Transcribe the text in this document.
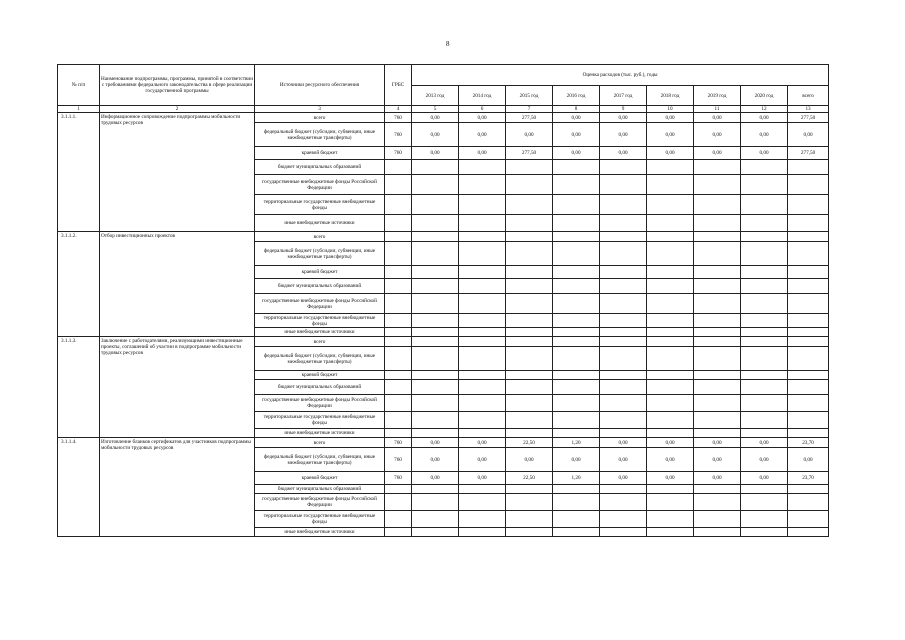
8
№ п/п	Наименование подпрограммы, программы, принятой в соответствии с требованиями федерального законодательства в сфере реализации государственной программы	Источники ресурсного обеспечения	ГРБС	Оценка расходов (тыс. руб.), годы								
				2013 год	2014 год	2015 год	2016 год	2017 год	2018 год	2019 год	2020 год	всего
1	2	3	4	5	6	7	8	9	10	11	12	13
3.1.1.1.	Информационное сопровождение подпрограммы мобильности трудовых ресурсов	всего	760	0,00	0,00	277,50	0,00	0,00	0,00	0,00	0,00	277,50
		федеральный бюджет (субсидии, субвенции, иные межбюджетные трансферты)	760	0,00	0,00	0,00	0,00	0,00	0,00	0,00	0,00	0,00
		краевой бюджет	760	0,00	0,00	277,50	0,00	0,00	0,00	0,00	0,00	277,50
		бюджет муниципальных образований										
		государственные внебюджетные фонды Российской Федерации										
		территориальные государственные внебюджетные фонды										
		иные внебюджетные источники										
3.1.1.2.	Отбор инвестиционных проектов	всего										
		федеральный бюджет (субсидии, субвенции, иные межбюджетные трансферты)										
		краевой бюджет										
		бюджет муниципальных образований										
		государственные внебюджетные фонды Российской Федерации										
		территориальные государственные внебюджетные фонды										
		иные внебюджетные источники										
3.1.1.3.	Заключение с работодателями, реализующими инвестиционные проекты, соглашений об участии в подпрограмме мобильности трудовых ресурсов	всего										
		федеральный бюджет (субсидии, субвенции, иные межбюджетные трансферты)										
		краевой бюджет										
		бюджет муниципальных образований										
		государственные внебюджетные фонды Российской Федерации										
		территориальные государственные внебюджетные фонды										
		иные внебюджетные источники										
3.1.1.4.	Изготовление бланков сертификатов для участников подпрограммы мобильности трудовых ресурсов	всего	760	0,00	0,00	22,50	1,20	0,00	0,00	0,00	0,00	23,70
		федеральный бюджет (субсидии, субвенции, иные межбюджетные трансферты)	760	0,00	0,00	0,00	0,00	0,00	0,00	0,00	0,00	0,00
		краевой бюджет	760	0,00	0,00	22,50	1,20	0,00	0,00	0,00	0,00	23,70
		бюджет муниципальных образований										
		государственные внебюджетные фонды Российской Федерации										
		территориальные государственные внебюджетные фонды										
		иные внебюджетные источники										
